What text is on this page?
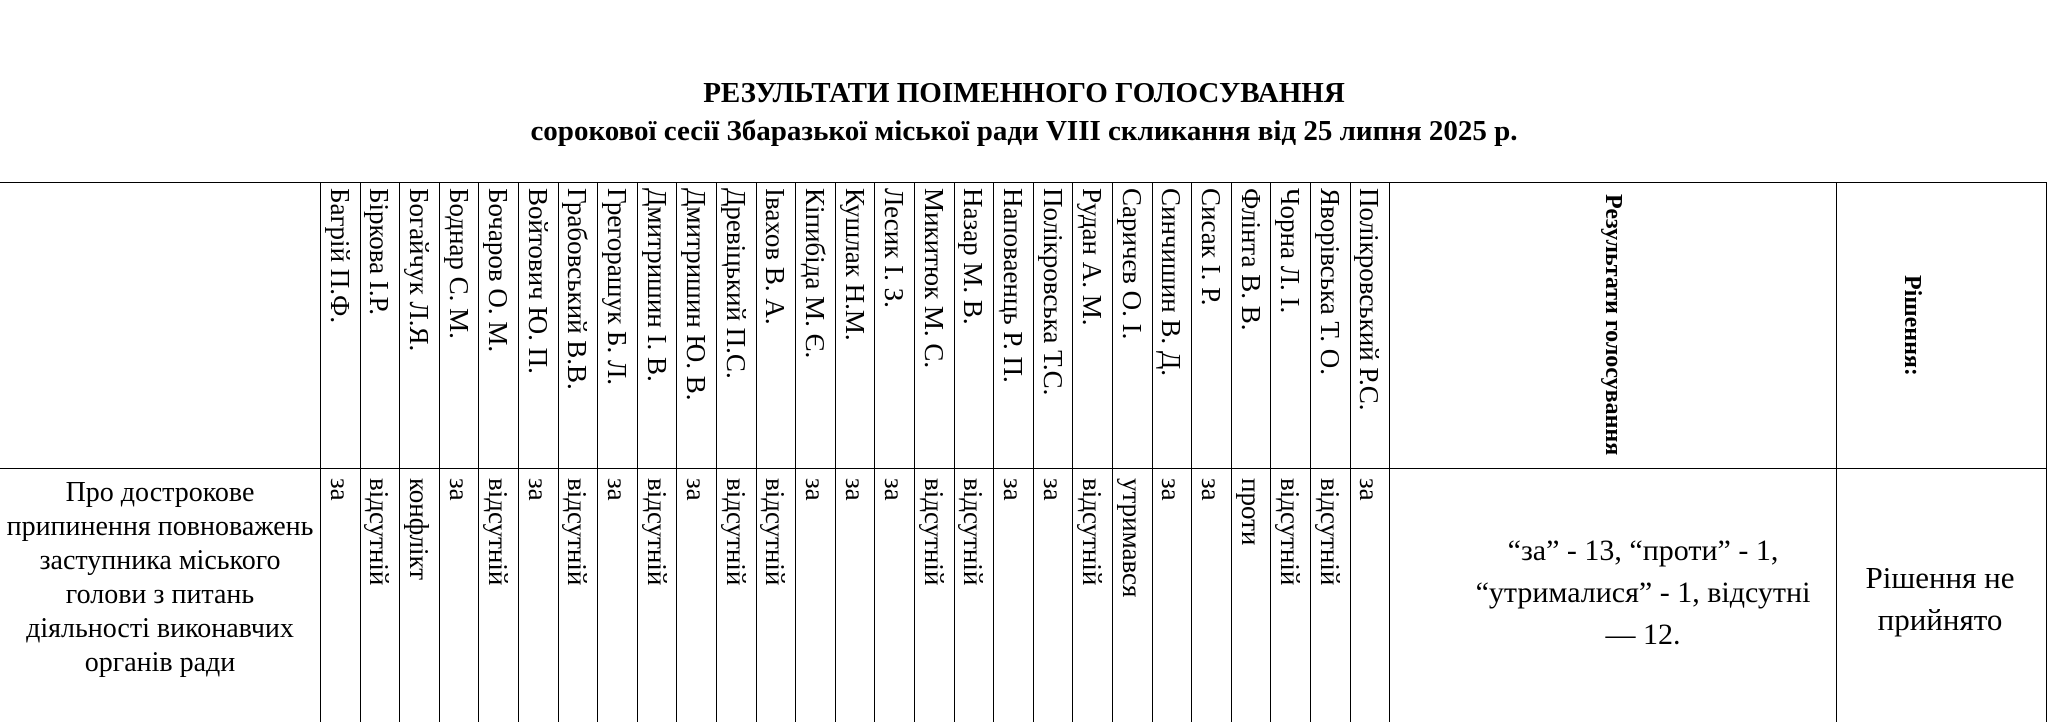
РЕЗУЛЬТАТИ ПОІМЕННОГО ГОЛОСУВАННЯ
сорокової сесії Збаразької міської ради VIII скликання від 25 липня 2025 р.
Багрій П.Ф.
за
Біркова І.Р.
відсутній
Богайчук Л.Я.
конфлікт
Боднар С. М.
за
Бочаров О. М.
відсутній
Войтович Ю. П.
за
Грабовський В.В.
відсутній
Грегорашук Б. Л.
за
Дмитришин І. В.
відсутній
Дмитришин Ю. В.
за
Древіцький П.С.
відсутній
Івахов В. А.
відсутній
Кіпибіда М. Є.
за
Кушлак Н.М.
за
Лесик І. З.
за
Микитюк М. С.
відсутній
Назар М. В.
відсутній
Наповаенць Р. П.
за
Полікровська Т.С.
за
Рудан А. М.
відсутній
Саричєв О. І.
утримався
Синчишин В. Д.
за
Сисак І. Р.
за
Флінта В. В.
проти
Чорна Л. І.
відсутній
Яворівська Т. О.
відсутній
Полікровський Р.С.
за
Результати голосування	Рішення:
Про дострокове припинення повноважень заступника міського голови з питань діяльності виконавчих органів ради
“за” - 13, “проти” - 1, “утрималися” - 1, відсутні — 12.
Рішення не прийнято
